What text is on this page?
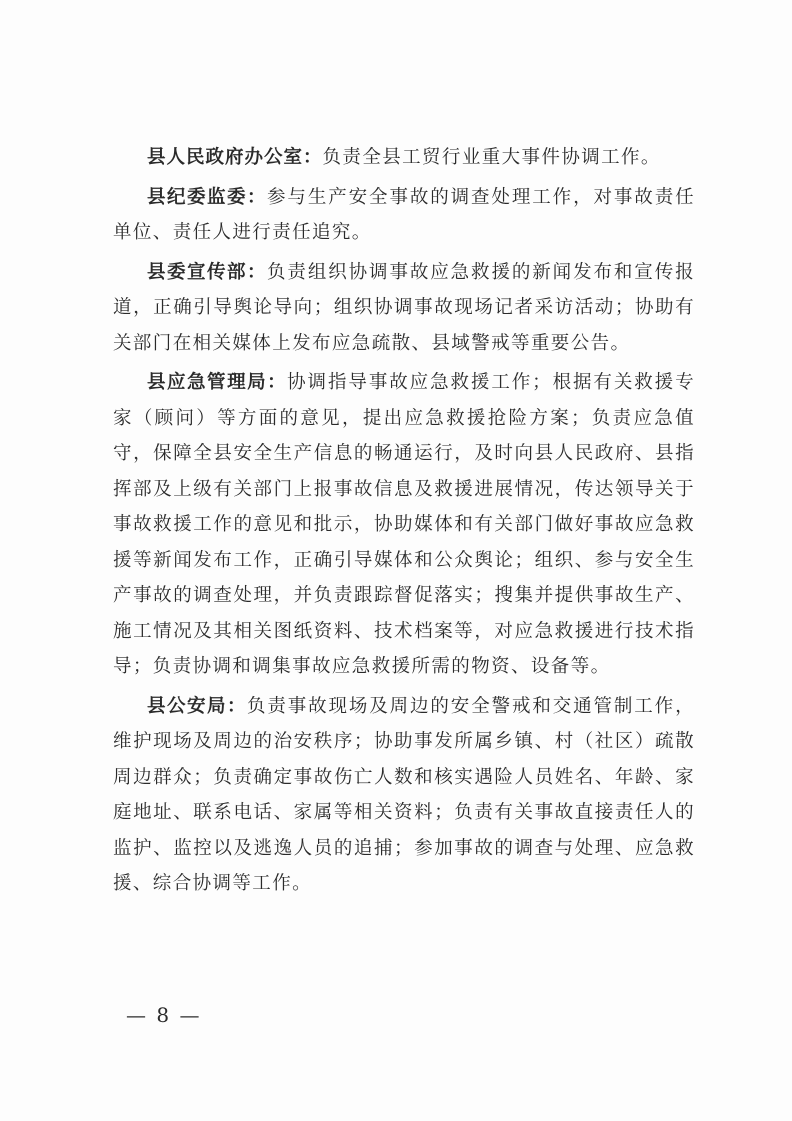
县人民政府办公室：负责全县工贸行业重大事件协调工作。

县纪委监委：参与生产安全事故的调查处理工作，对事故责任单位、责任人进行责任追究。

县委宣传部：负责组织协调事故应急救援的新闻发布和宣传报道，正确引导舆论导向；组织协调事故现场记者采访活动；协助有关部门在相关媒体上发布应急疏散、县域警戒等重要公告。

县应急管理局：协调指导事故应急救援工作；根据有关救援专家（顾问）等方面的意见，提出应急救援抢险方案；负责应急值守，保障全县安全生产信息的畅通运行，及时向县人民政府、县指挥部及上级有关部门上报事故信息及救援进展情况，传达领导关于事故救援工作的意见和批示，协助媒体和有关部门做好事故应急救援等新闻发布工作，正确引导媒体和公众舆论；组织、参与安全生产事故的调查处理，并负责跟踪督促落实；搜集并提供事故生产、施工情况及其相关图纸资料、技术档案等，对应急救援进行技术指导；负责协调和调集事故应急救援所需的物资、设备等。

县公安局：负责事故现场及周边的安全警戒和交通管制工作，维护现场及周边的治安秩序；协助事发所属乡镇、村（社区）疏散周边群众；负责确定事故伤亡人数和核实遇险人员姓名、年龄、家庭地址、联系电话、家属等相关资料；负责有关事故直接责任人的监护、监控以及逃逸人员的追捕；参加事故的调查与处理、应急救援、综合协调等工作。

— 8 —
